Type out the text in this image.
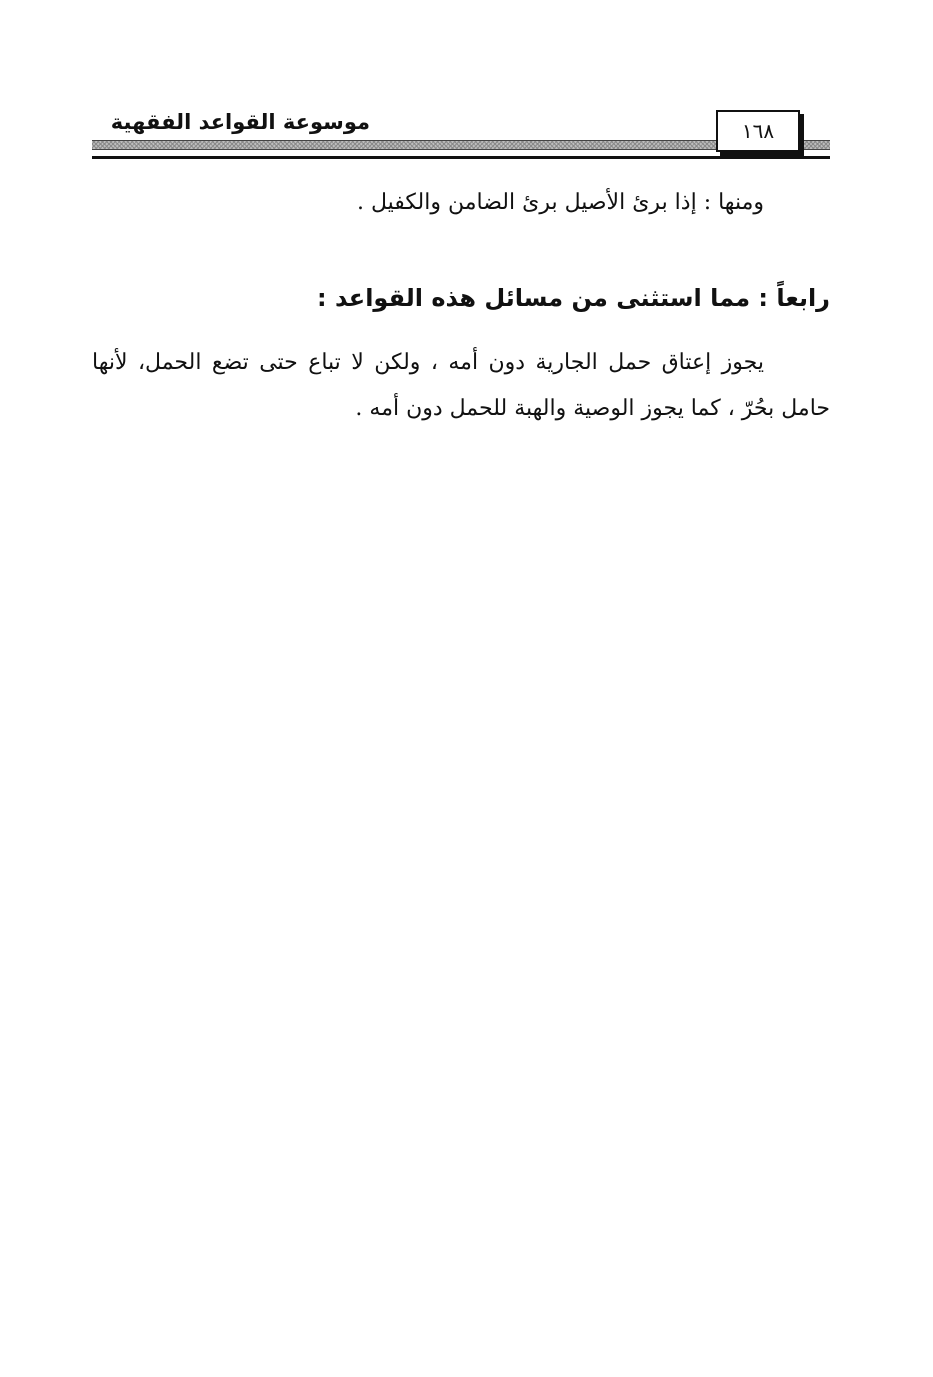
١٦٨
موسوعة القواعد الفقهية
ومنها : إذا برئ الأصيل برئ الضامن والكفيل .
رابعاً : مما استثنى من مسائل هذه القواعد :
يجوز إعتاق حمل الجارية دون أمه ، ولكن لا تباع حتى تضع الحمل، لأنها حامل بحُرّ ، كما يجوز الوصية والهبة للحمل دون أمه .
